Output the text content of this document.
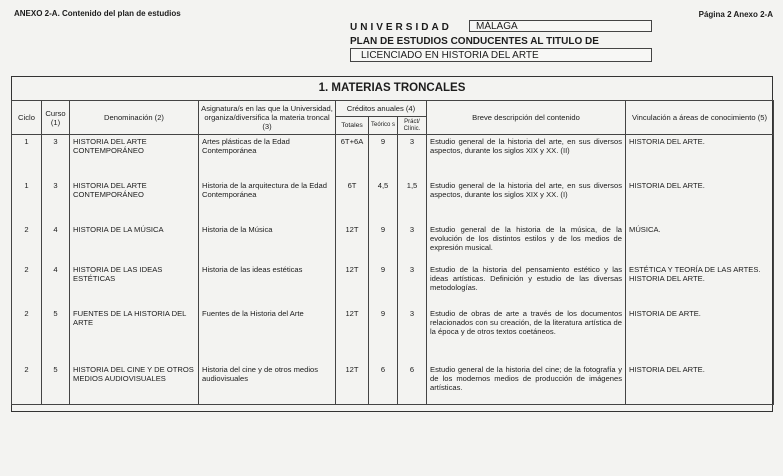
ANEXO 2-A. Contenido del plan de estudios	Página 2 Anexo 2-A
UNIVERSIDAD	MÁLAGA
PLAN DE ESTUDIOS CONDUCENTES AL TITULO DE
LICENCIADO EN HISTORIA DEL ARTE
1. MATERIAS TRONCALES
Ciclo	Curso (1)	Denominación (2)	Asignatura/s en las que la Universidad, organiza/diversifica la materia troncal (3)	Créditos anuales (4)			Breve descripción del contenido	Vinculación a áreas de conocimiento (5)
				Totales	Teórico s	Práct/ Clínic.		
1	3	HISTORIA DEL ARTE CONTEMPORÁNEO	Artes plásticas de la Edad Contemporánea	6T+6A	9	3	Estudio general de la historia del arte, en sus diversos aspectos, durante los siglos XIX y XX. (II)	HISTORIA DEL ARTE.
1	3	HISTORIA DEL ARTE CONTEMPORÁNEO	Historia de la arquitectura de la Edad Contemporánea	6T	4,5	1,5	Estudio general de la historia del arte, en sus diversos aspectos, durante los siglos XIX y XX. (I)	HISTORIA DEL ARTE.
2	4	HISTORIA DE LA MÚSICA	Historia de la Música	12T	9	3	Estudio general de la historia de la música, de la evolución de los distintos estilos y de los medios de expresión musical.	MÚSICA.
2	4	HISTORIA DE LAS IDEAS ESTÉTICAS	Historia de las ideas estéticas	12T	9	3	Estudio de la historia del pensamiento estético y las ideas artísticas. Definición y estudio de las diversas metodologías.	ESTÉTICA Y TEORÍA DE LAS ARTES.
HISTORIA DEL ARTE.
2	5	FUENTES DE LA HISTORIA DEL ARTE	Fuentes de la Historia del Arte	12T	9	3	Estudio de obras de arte a través de los documentos relacionados con su creación, de la literatura artística de la época y de otros textos coetáneos.	HISTORIA DE ARTE.
2	5	HISTORIA DEL CINE Y DE OTROS MEDIOS AUDIOVISUALES	Historia del cine y de otros medios audiovisuales	12T	6	6	Estudio general de la historia del cine; de la fotografía y de los modernos medios de producción de imágenes artísticas.	HISTORIA DEL ARTE.
